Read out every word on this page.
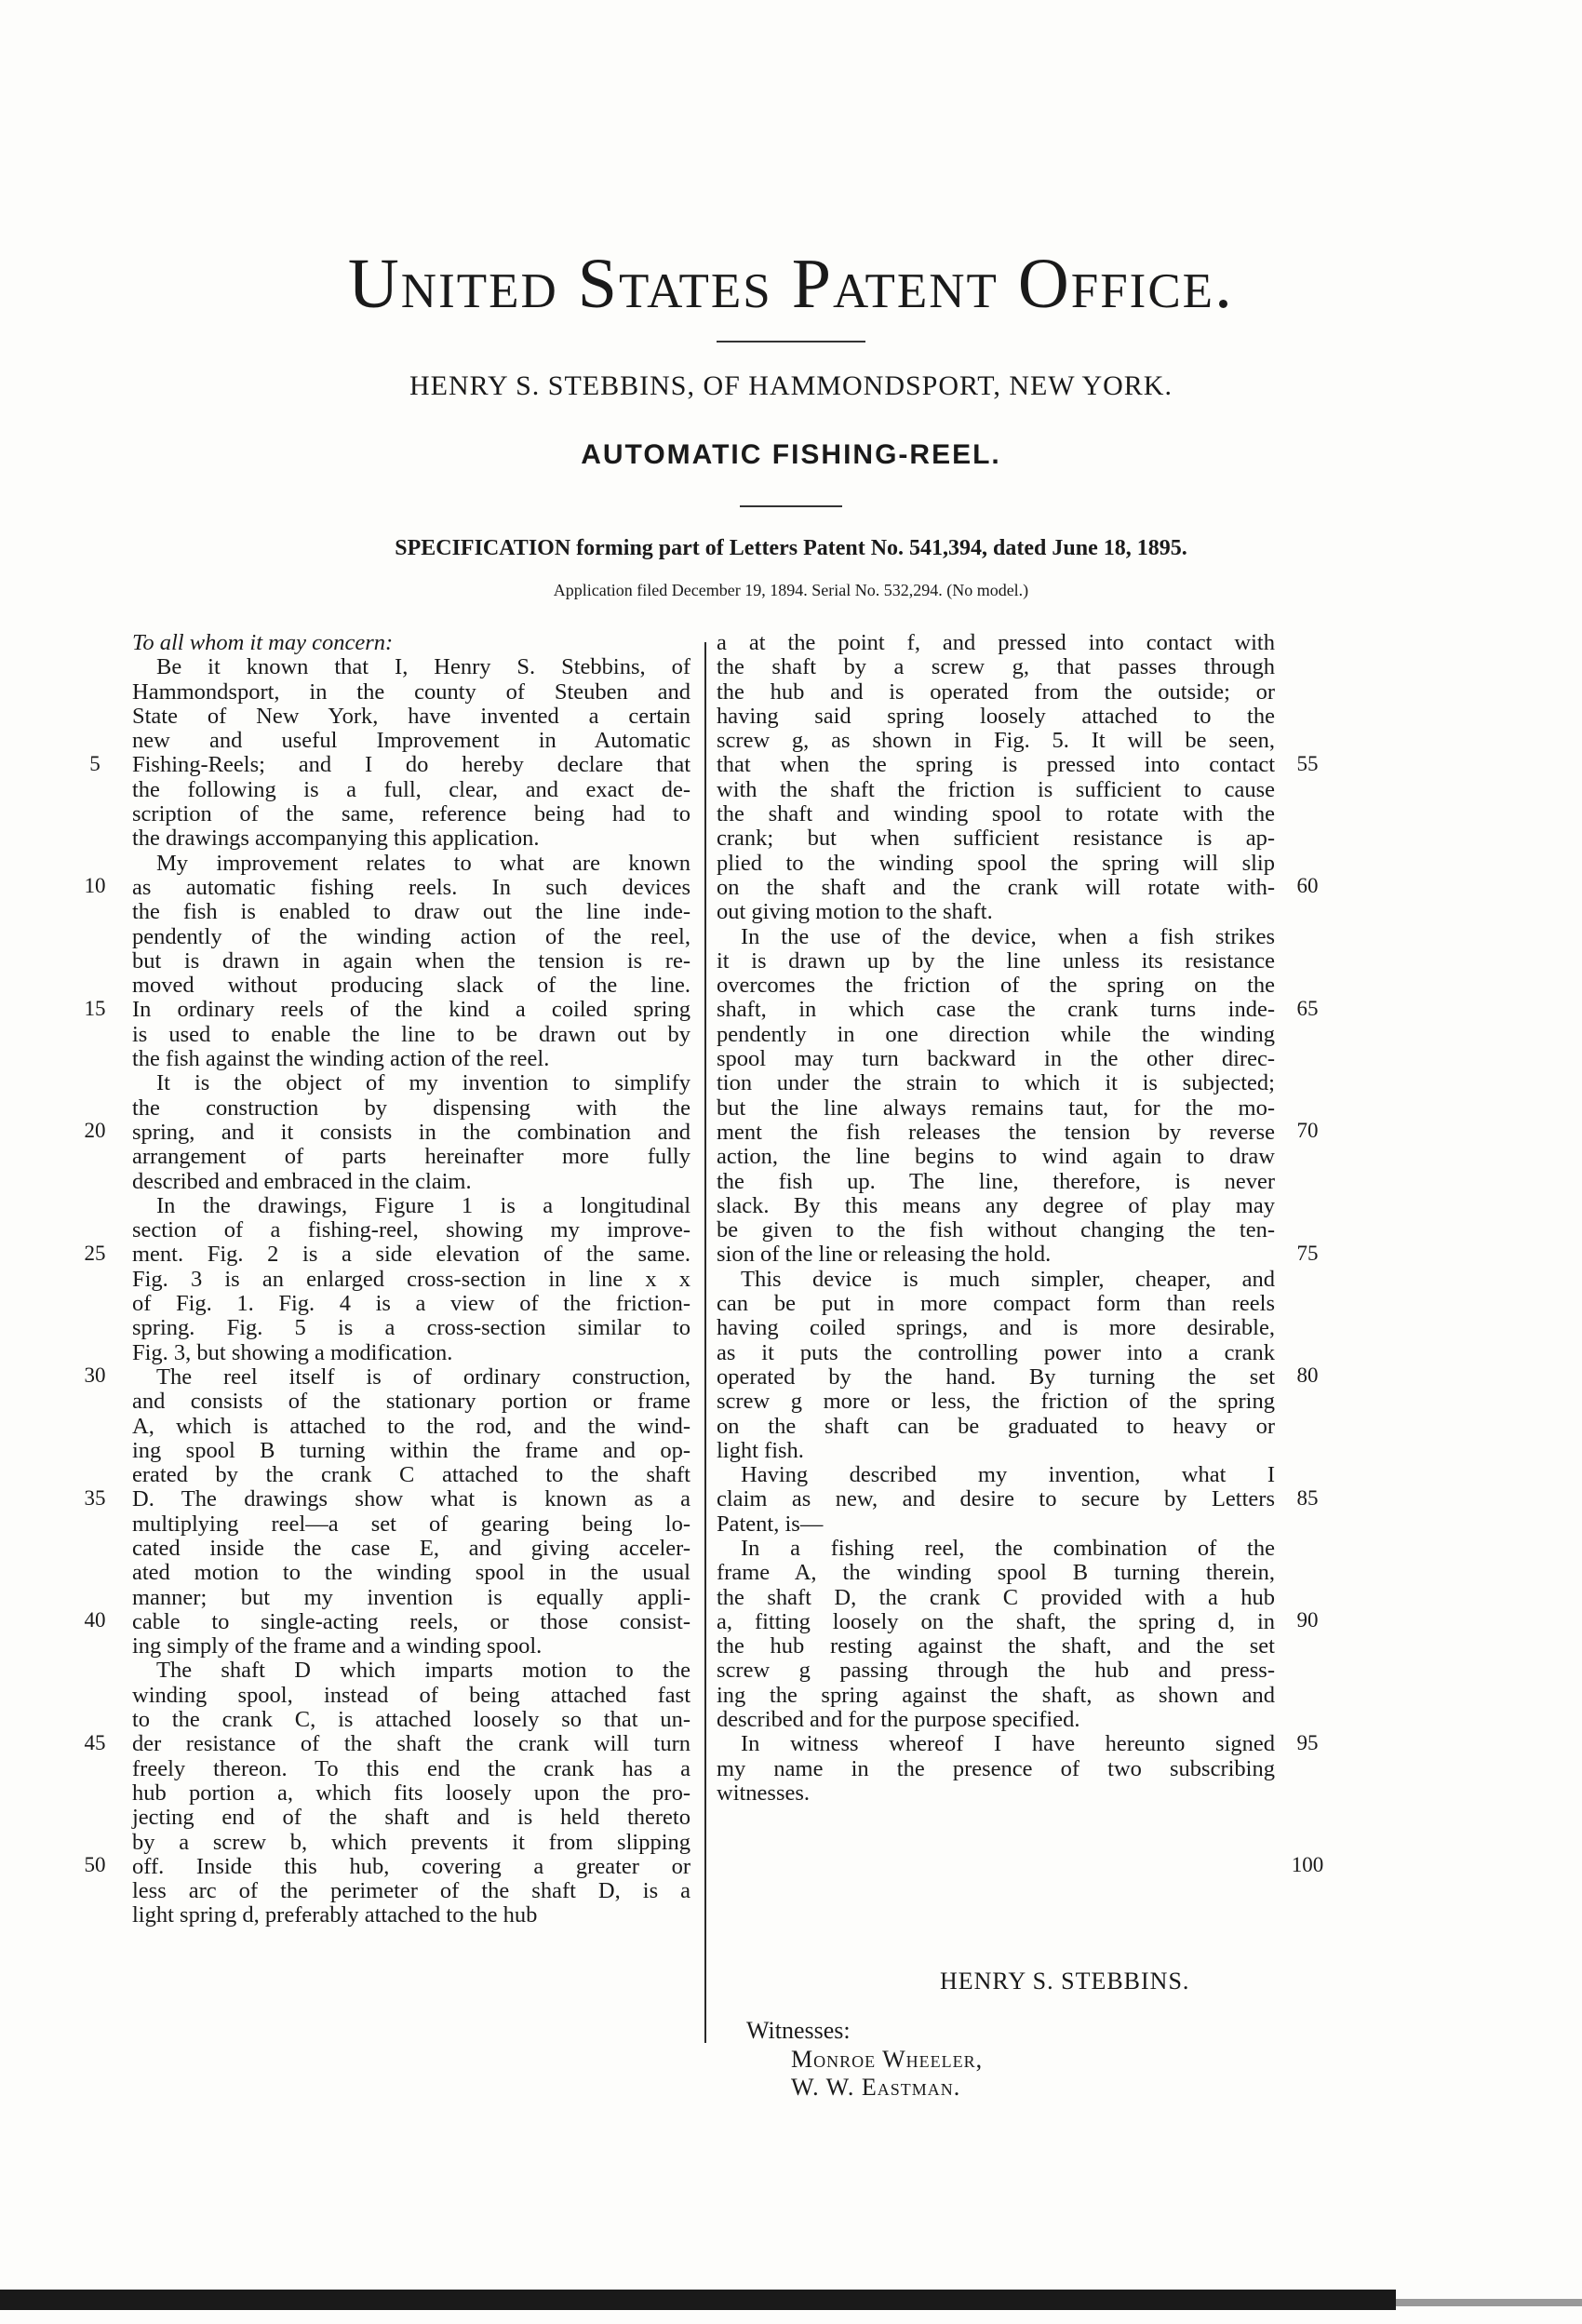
United States Patent Office.
HENRY S. STEBBINS, OF HAMMONDSPORT, NEW YORK.
AUTOMATIC FISHING-REEL.
SPECIFICATION forming part of Letters Patent No. 541,394, dated June 18, 1895.
Application filed December 19, 1894. Serial No. 532,294. (No model.)
To all whom it may concern:
Be it known that I, Henry S. Stebbins, of
Hammondsport, in the county of Steuben and
State of New York, have invented a certain
new and useful Improvement in Automatic
Fishing-Reels; and I do hereby declare that
the following is a full, clear, and exact de-
scription of the same, reference being had to
the drawings accompanying this application.
My improvement relates to what are known
as automatic fishing reels. In such devices
the fish is enabled to draw out the line inde-
pendently of the winding action of the reel,
but is drawn in again when the tension is re-
moved without producing slack of the line.
In ordinary reels of the kind a coiled spring
is used to enable the line to be drawn out by
the fish against the winding action of the reel.
It is the object of my invention to simplify
the construction by dispensing with the
spring, and it consists in the combination and
arrangement of parts hereinafter more fully
described and embraced in the claim.
In the drawings, Figure 1 is a longitudinal
section of a fishing-reel, showing my improve-
ment. Fig. 2 is a side elevation of the same.
Fig. 3 is an enlarged cross-section in line x x
of Fig. 1. Fig. 4 is a view of the friction-
spring. Fig. 5 is a cross-section similar to
Fig. 3, but showing a modification.
The reel itself is of ordinary construction,
and consists of the stationary portion or frame
A, which is attached to the rod, and the wind-
ing spool B turning within the frame and op-
erated by the crank C attached to the shaft
D. The drawings show what is known as a
multiplying reel—a set of gearing being lo-
cated inside the case E, and giving acceler-
ated motion to the winding spool in the usual
manner; but my invention is equally appli-
cable to single-acting reels, or those consist-
ing simply of the frame and a winding spool.
The shaft D which imparts motion to the
winding spool, instead of being attached fast
to the crank C, is attached loosely so that un-
der resistance of the shaft the crank will turn
freely thereon. To this end the crank has a
hub portion a, which fits loosely upon the pro-
jecting end of the shaft and is held thereto
by a screw b, which prevents it from slipping
off. Inside this hub, covering a greater or
less arc of the perimeter of the shaft D, is a
light spring d, preferably attached to the hub
a at the point f, and pressed into contact with
the shaft by a screw g, that passes through
the hub and is operated from the outside; or
having said spring loosely attached to the
screw g, as shown in Fig. 5. It will be seen,
that when the spring is pressed into contact
with the shaft the friction is sufficient to cause
the shaft and winding spool to rotate with the
crank; but when sufficient resistance is ap-
plied to the winding spool the spring will slip
on the shaft and the crank will rotate with-
out giving motion to the shaft.
In the use of the device, when a fish strikes
it is drawn up by the line unless its resistance
overcomes the friction of the spring on the
shaft, in which case the crank turns inde-
pendently in one direction while the winding
spool may turn backward in the other direc-
tion under the strain to which it is subjected;
but the line always remains taut, for the mo-
ment the fish releases the tension by reverse
action, the line begins to wind again to draw
the fish up. The line, therefore, is never
slack. By this means any degree of play may
be given to the fish without changing the ten-
sion of the line or releasing the hold.
This device is much simpler, cheaper, and
can be put in more compact form than reels
having coiled springs, and is more desirable,
as it puts the controlling power into a crank
operated by the hand. By turning the set
screw g more or less, the friction of the spring
on the shaft can be graduated to heavy or
light fish.
Having described my invention, what I
claim as new, and desire to secure by Letters
Patent, is—
In a fishing reel, the combination of the
frame A, the winding spool B turning therein,
the shaft D, the crank C provided with a hub
a, fitting loosely on the shaft, the spring d, in
the hub resting against the shaft, and the set
screw g passing through the hub and press-
ing the spring against the shaft, as shown and
described and for the purpose specified.
In witness whereof I have hereunto signed
my name in the presence of two subscribing
witnesses.
5
10
15
20
25
30
35
40
45
50
55
60
65
70
75
80
85
90
95
100
HENRY S. STEBBINS.
Witnesses:
Monroe Wheeler,
W. W. Eastman.
